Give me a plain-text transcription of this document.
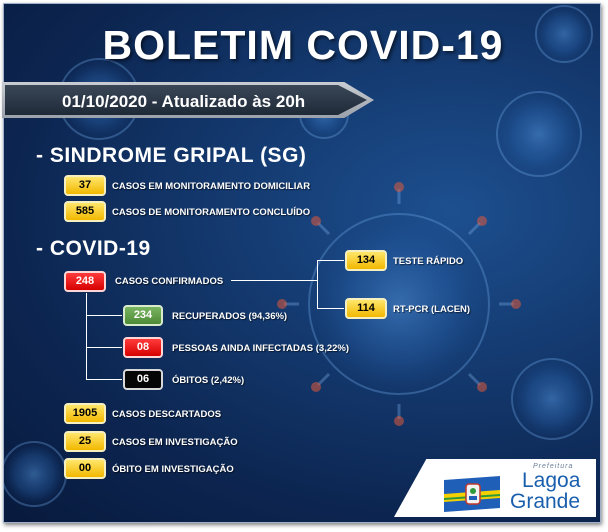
BOLETIM COVID-19
01/10/2020 - Atualizado às 20h
- SINDROME GRIPAL (SG)
37	CASOS EM MONITORAMENTO DOMICILIAR
585	CASOS DE MONITORAMENTO CONCLUÍDO
- COVID-19
248	CASOS CONFIRMADOS
134	TESTE RÁPIDO
114	RT-PCR (LACEN)
234	RECUPERADOS (94,36%)
08	PESSOAS AINDA INFECTADAS (3,22%)
06	ÓBITOS (2,42%)
1905	CASOS DESCARTADOS
25	CASOS EM INVESTIGAÇÃO
00	ÓBITO EM INVESTIGAÇÃO	Prefeitura
Lagoa
Grande
